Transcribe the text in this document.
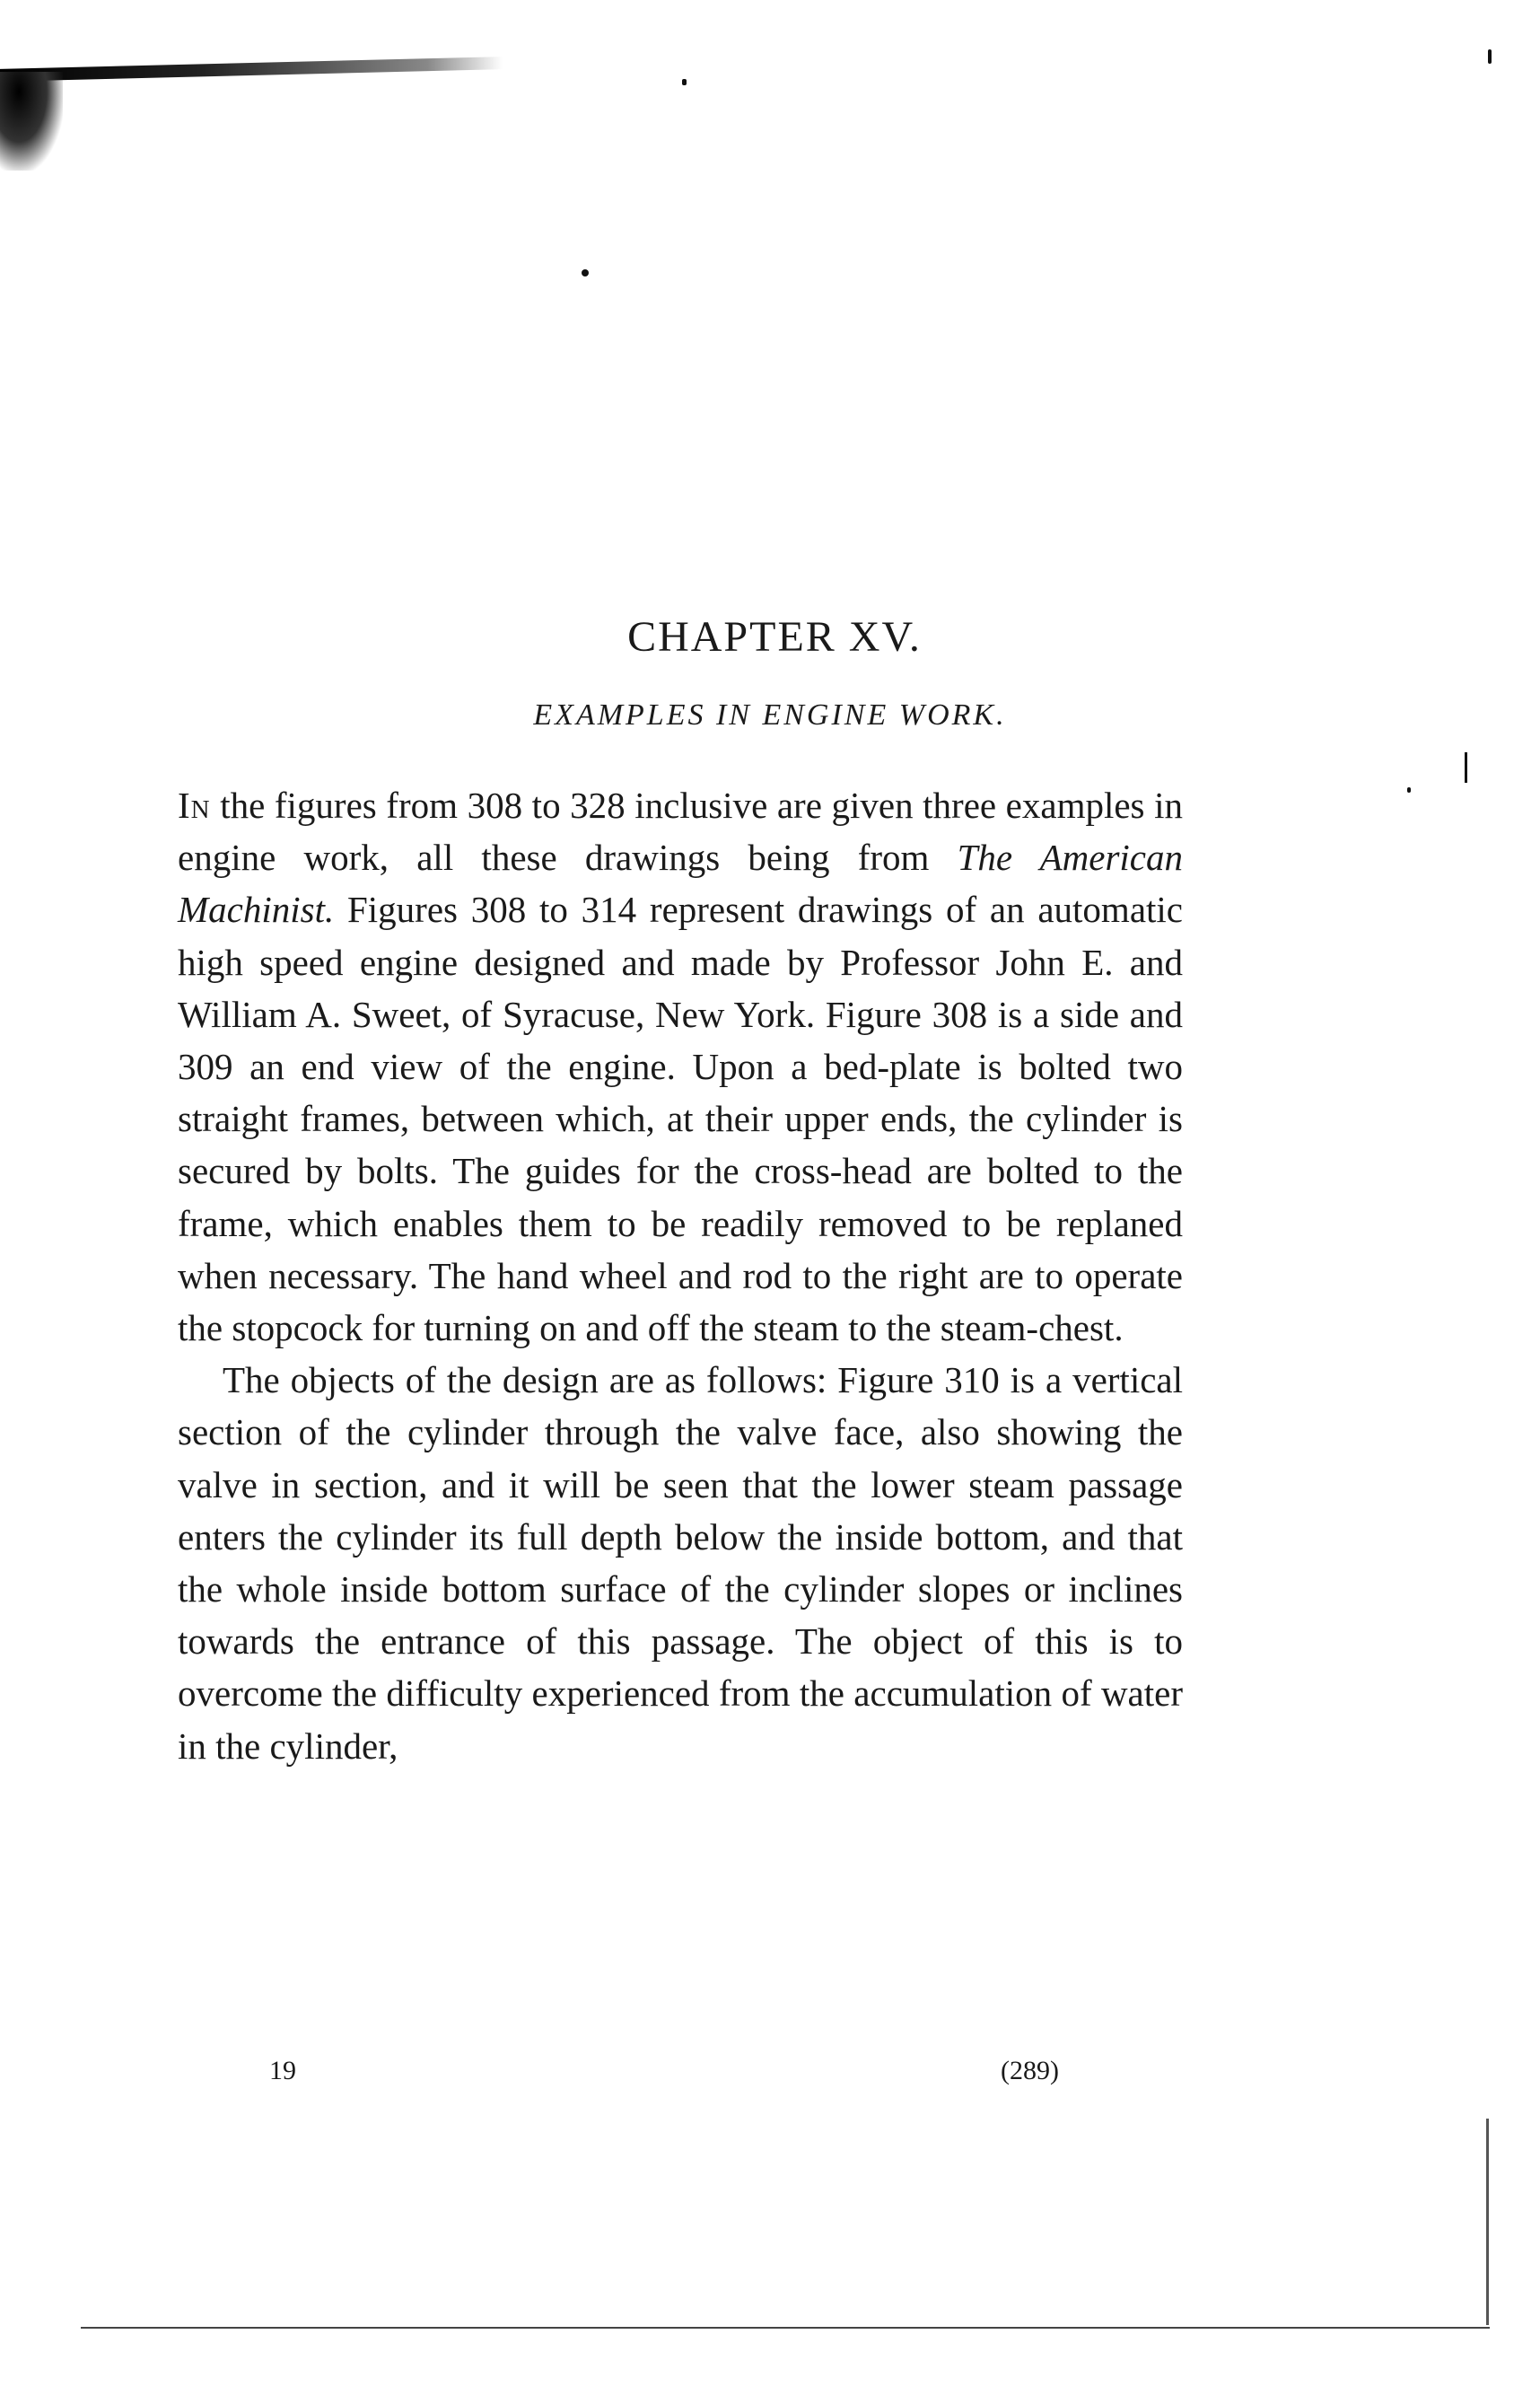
CHAPTER XV.
EXAMPLES IN ENGINE WORK.

In the figures from 308 to 328 inclusive are given three examples in engine work, all these drawings being from The American Machinist. Figures 308 to 314 represent drawings of an automatic high speed engine designed and made by Professor John E. and William A. Sweet, of Syracuse, New York. Figure 308 is a side and 309 an end view of the engine. Upon a bed-plate is bolted two straight frames, between which, at their upper ends, the cylinder is secured by bolts. The guides for the cross-head are bolted to the frame, which enables them to be readily removed to be replaned when necessary. The hand wheel and rod to the right are to operate the stopcock for turning on and off the steam to the steam-chest.

The objects of the design are as follows: Figure 310 is a vertical section of the cylinder through the valve face, also showing the valve in section, and it will be seen that the lower steam passage enters the cylinder its full depth below the inside bottom, and that the whole inside bottom surface of the cylinder slopes or inclines towards the entrance of this passage. The object of this is to overcome the difficulty experienced from the accumulation of water in the cylinder,

19	(289)
